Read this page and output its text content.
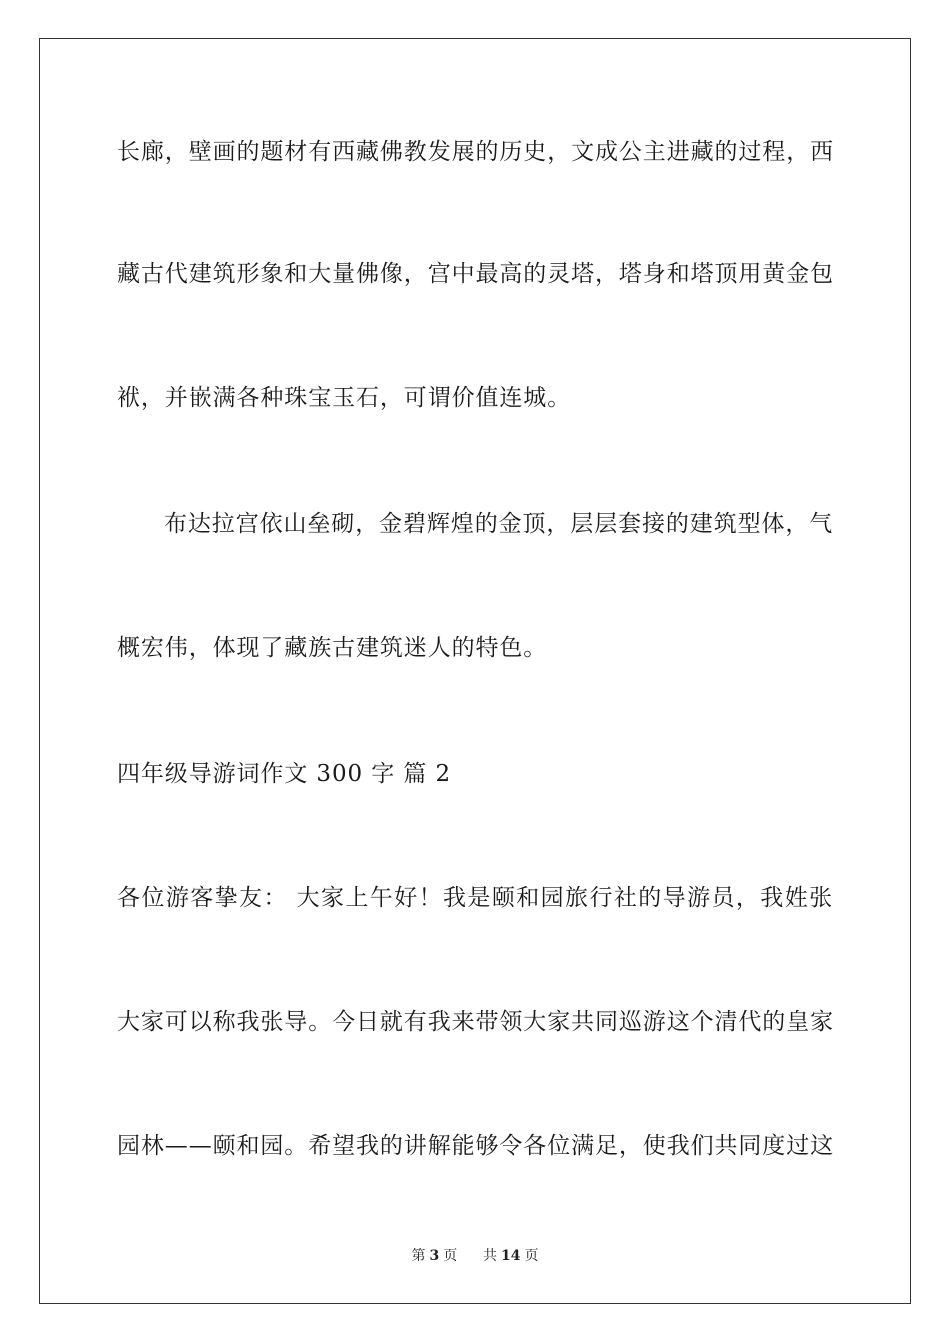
长廊，壁画的题材有西藏佛教发展的历史，文成公主进藏的过程，西
藏古代建筑形象和大量佛像，宫中最高的灵塔，塔身和塔顶用黄金包
袱，并嵌满各种珠宝玉石，可谓价值连城。
布达拉宫依山垒砌，金碧辉煌的金顶，层层套接的建筑型体，气
概宏伟，体现了藏族古建筑迷人的特色。
四年级导游词作文 300 字 篇 2
各位游客挚友： 大家上午好！我是颐和园旅行社的导游员，我姓张
大家可以称我张导。今日就有我来带领大家共同巡游这个清代的皇家
园林——颐和园。希望我的讲解能够令各位满足，使我们共同度过这
第 3 页 共 14 页
